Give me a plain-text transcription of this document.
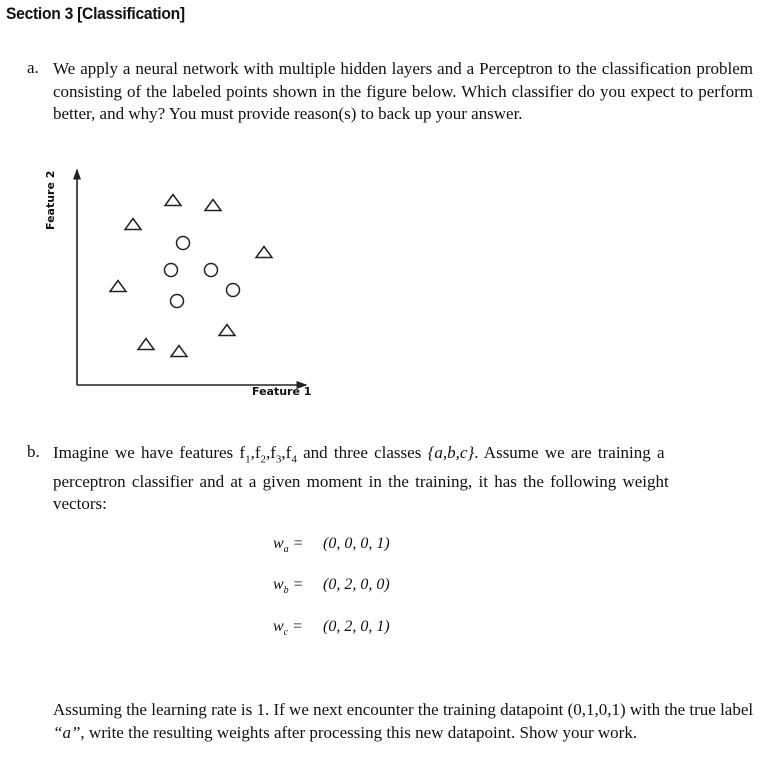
Section 3 [Classification]
a. We apply a neural network with multiple hidden layers and a Perceptron to the classification problem consisting of the labeled points shown in the figure below. Which classifier do you expect to perform better, and why? You must provide reason(s) to back up your answer.
Feature 1
Feature 2
b. Imagine we have features $f_1,f_2,f_3,f_4$ and three classes {a,b,c}. Assume we are training a perceptron classifier and at a given moment in the training, it has the following weight vectors:
$w_a = (0$, 0, 0, 1)
$w_b = (0$, 2, 0, 0)
$w_c = (0$, 2, 0, 1)
Assuming the learning rate is 1. If we next encounter the training datapoint (0,1,0,1) with the true label “a”, write the resulting weights after processing this new datapoint. Show your work.
